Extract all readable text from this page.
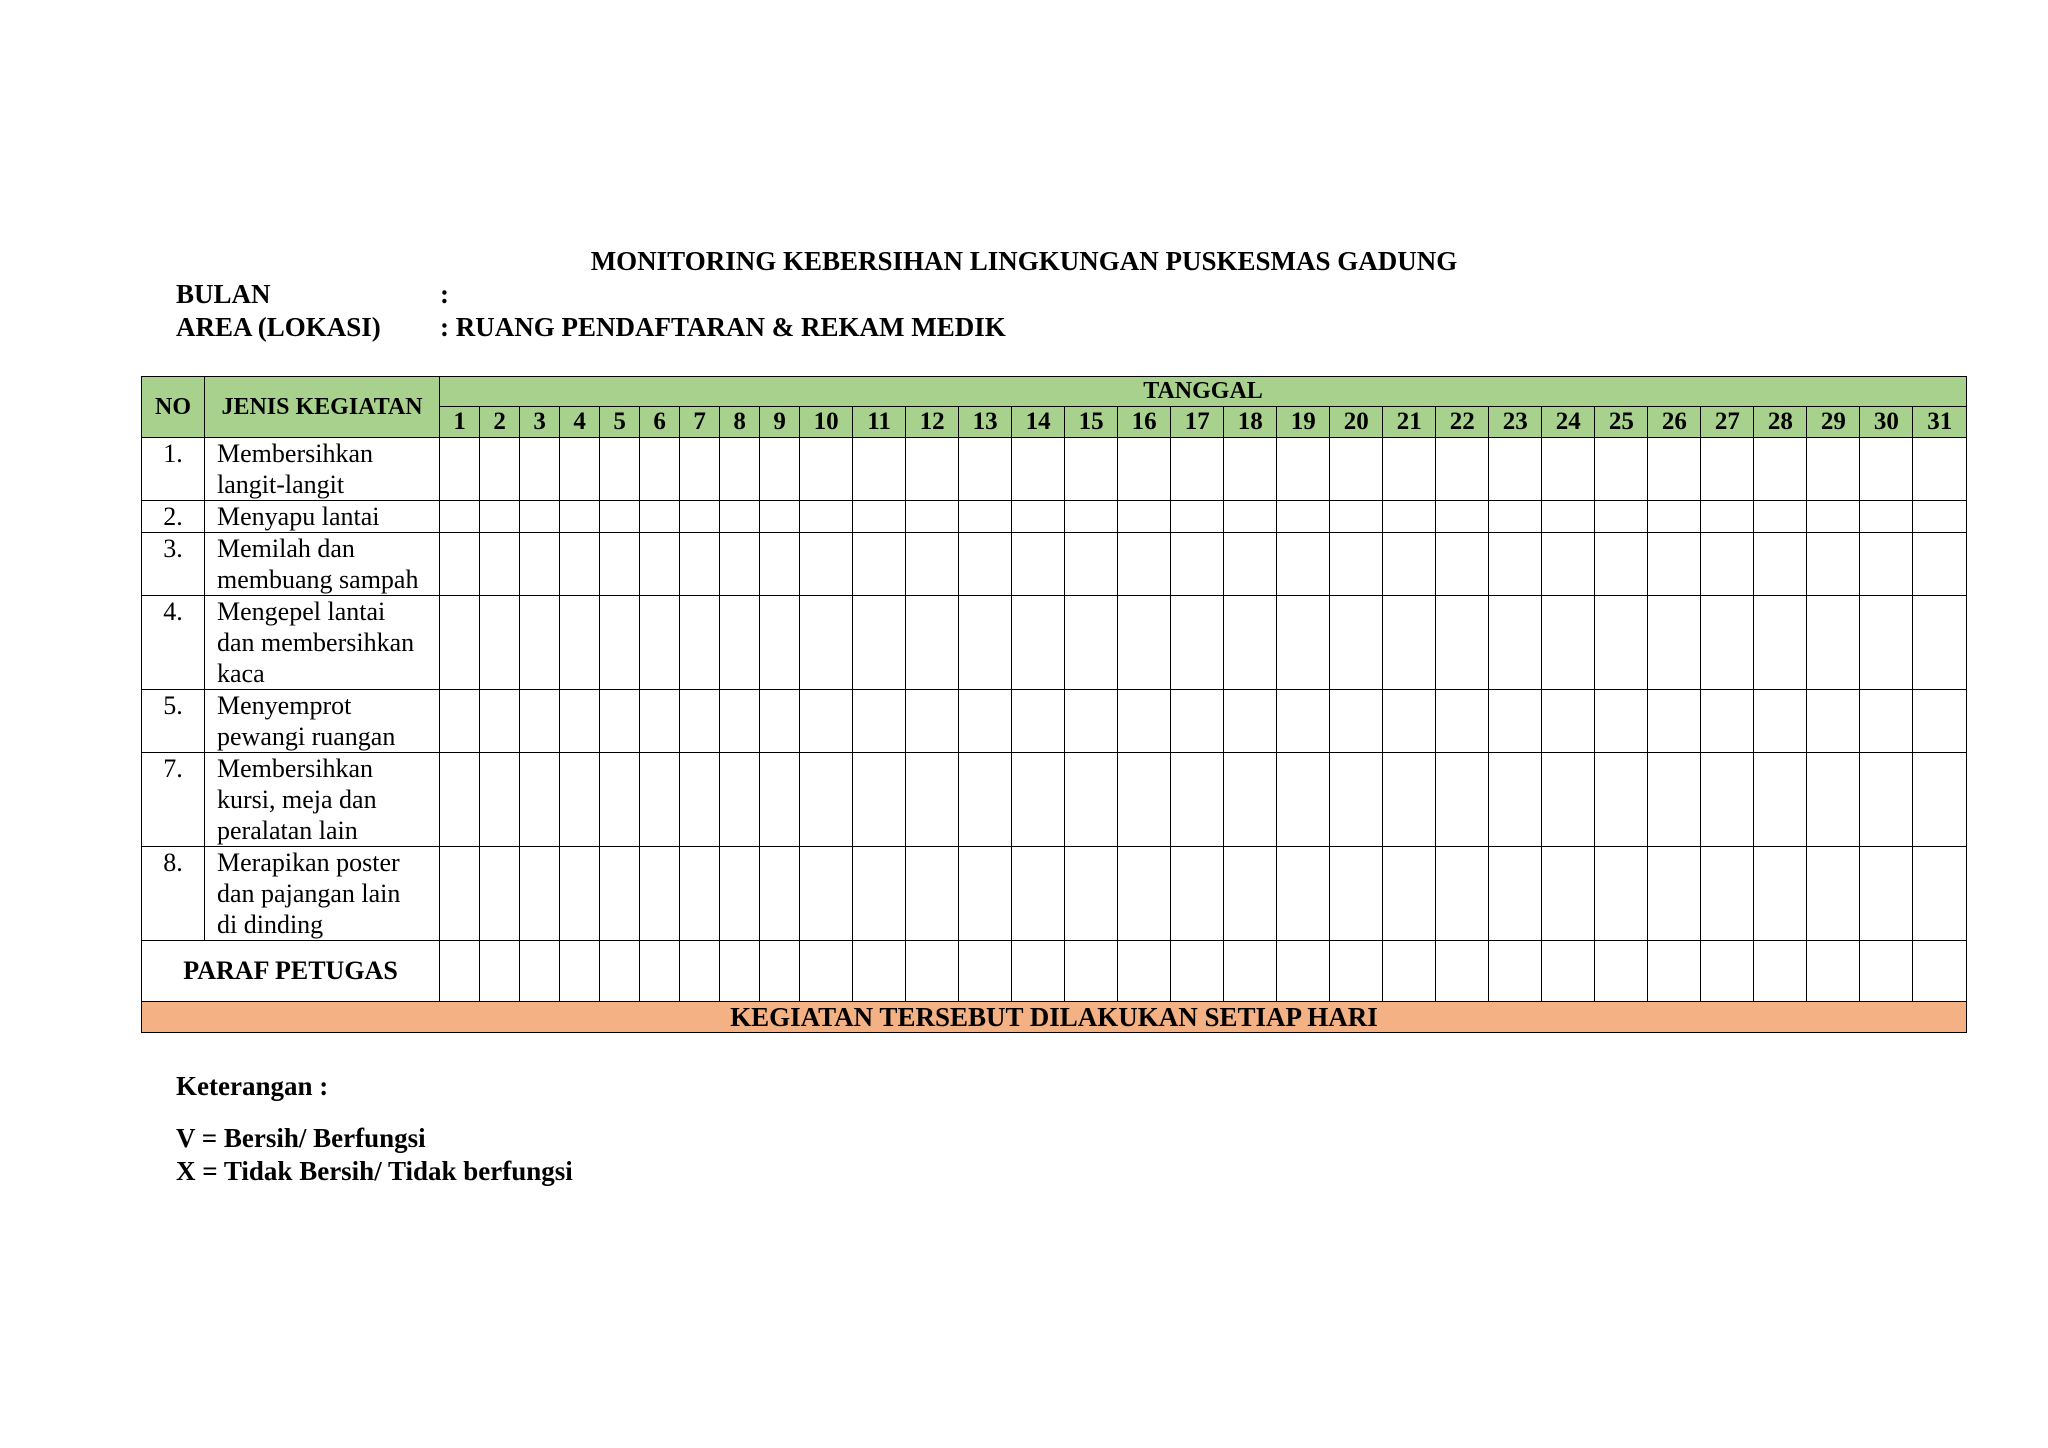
MONITORING KEBERSIHAN LINGKUNGAN PUSKESMAS GADUNG
BULAN	:
AREA (LOKASI) : RUANG PENDAFTARAN & REKAM MEDIK
NO	JENIS KEGIATAN	TANGGAL																														
		1	2	3	4	5	6	7	8	9	10	11	12	13	14	15	16	17	18	19	20	21	22	23	24	25	26	27	28	29	30	31
1.	Membersihkan
langit-langit																															

2.	Menyapu lantai																															

3.	Memilah dan
membuang sampah																															

4.	Mengepel lantai
dan membersihkan
kaca																															

5.	Menyemprot
pewangi ruangan																															

7.	Membersihkan
kursi, meja dan
peralatan lain																															

8.	Merapikan poster
dan pajangan lain
di dinding																															

PARAF PETUGAS																																
KEGIATAN TERSEBUT DILAKUKAN SETIAP HARI																																
Keterangan :
V = Bersih/ Berfungsi
X = Tidak Bersih/ Tidak berfungsi
